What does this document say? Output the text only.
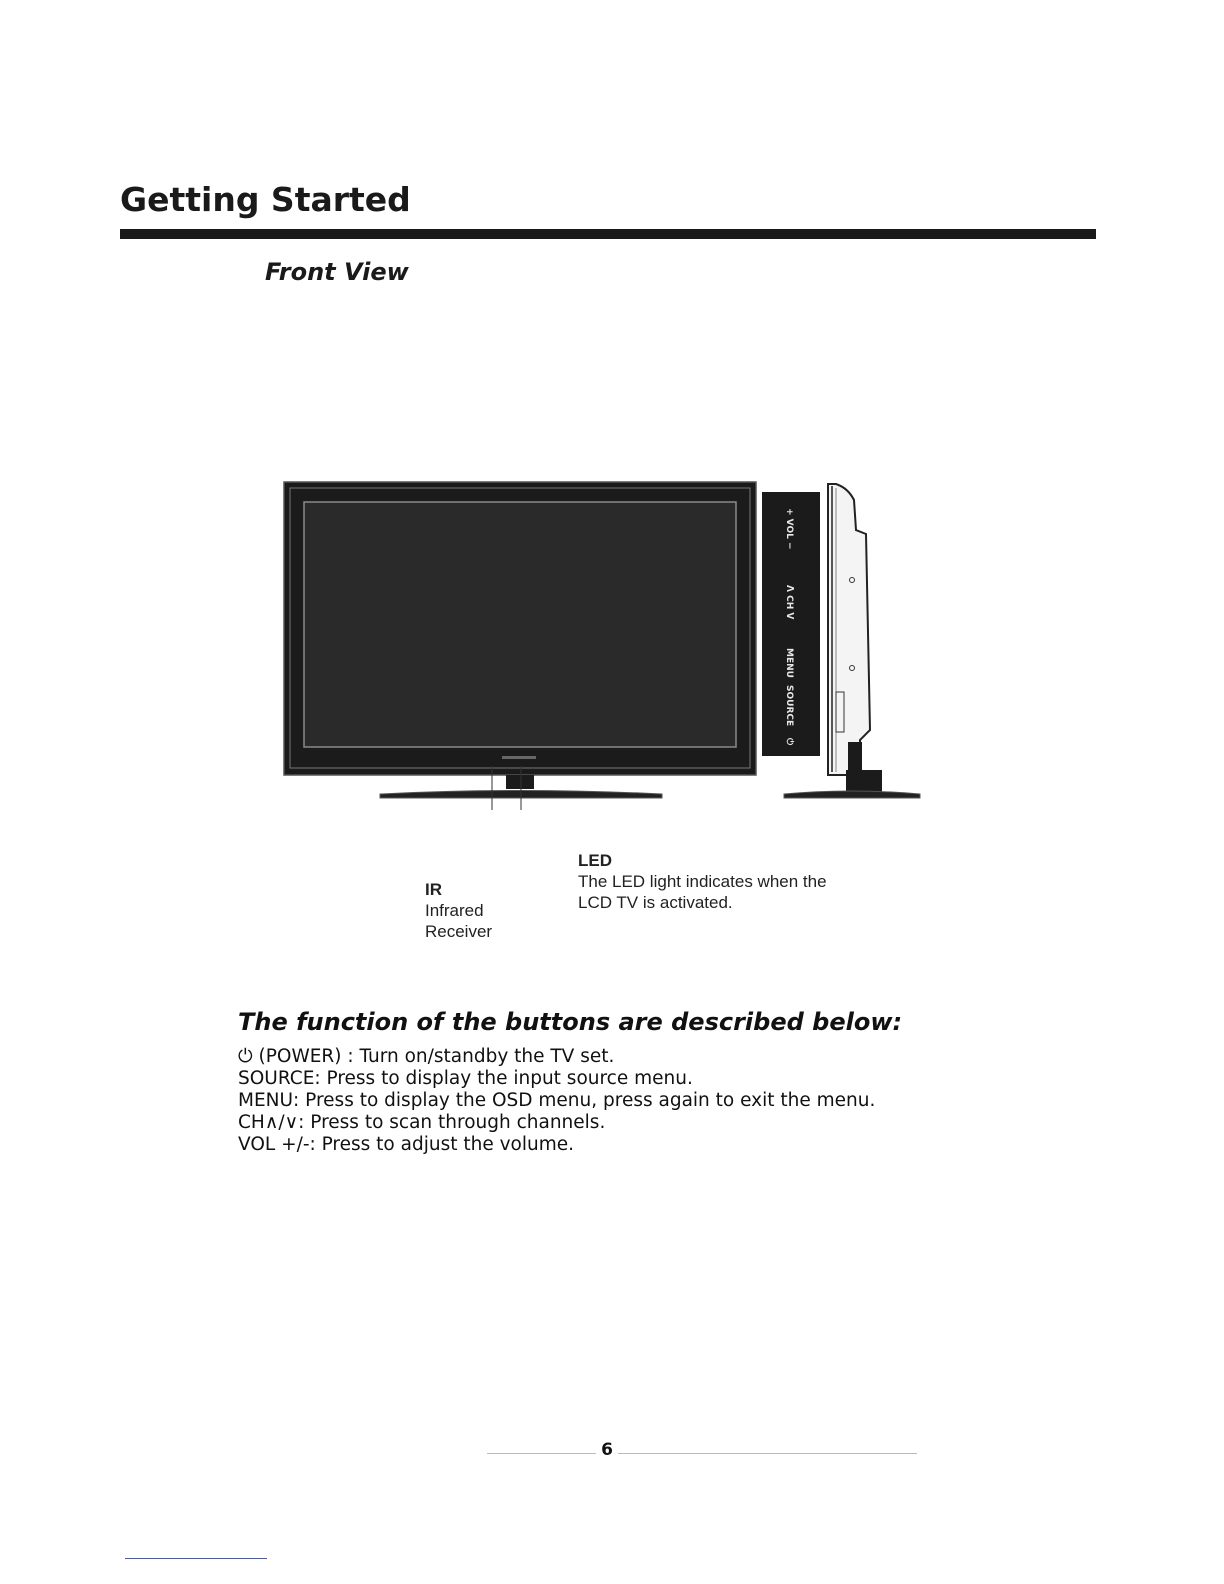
Getting Started
Front View
+ VOL −
ᐱ CH ᐯ
MENU
SOURCE
⏻
LED
The LED light indicates when the
LCD TV is activated.
IR
Infrared
Receiver
The function of the buttons are described below:
⏻ (POWER) : Turn on/standby the TV set.
SOURCE: Press to display the input source menu.
MENU: Press to display the OSD menu, press again to exit the menu.
CH∧/∨: Press to scan through channels.
VOL +/-: Press to adjust the volume.
6
